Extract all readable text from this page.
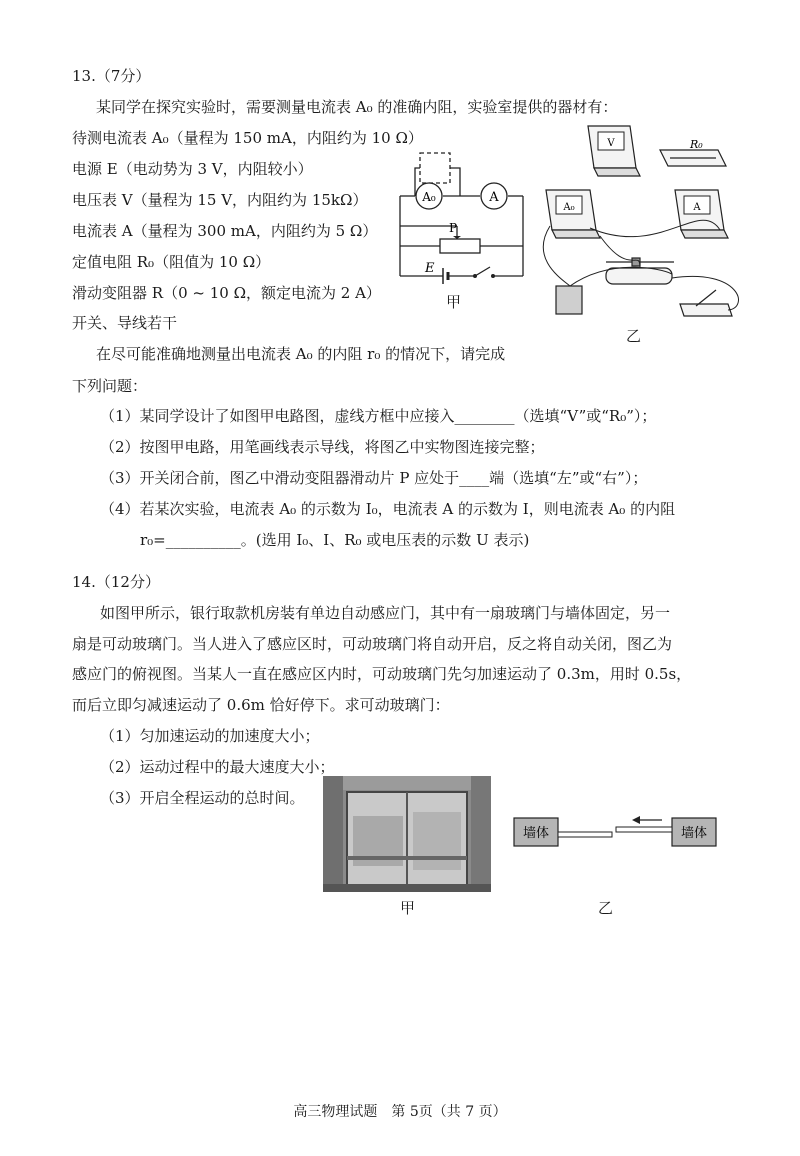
13.（7分）
某同学在探究实验时，需要测量电流表 A₀ 的准确内阻，实验室提供的器材有：
待测电流表 A₀（量程为 150 mA，内阻约为 10 Ω）
电源 E（电动势为 3 V，内阻较小）
电压表 V（量程为 15 V，内阻约为 15kΩ）
电流表 A（量程为 300 mA，内阻约为 5 Ω）
定值电阻 R₀（阻值为 10 Ω）
滑动变阻器 R（0 ~ 10 Ω，额定电流为 2 A）
开关、导线若干
A₀	A
P
E
甲
V	R₀
A₀	A
乙
在尽可能准确地测量出电流表 A₀ 的内阻 r₀ 的情况下，请完成
下列问题：
（1）某同学设计了如图甲电路图，虚线方框中应接入________（选填“V”或“R₀”）；
（2）按图甲电路，用笔画线表示导线，将图乙中实物图连接完整；
（3）开关闭合前，图乙中滑动变阻器滑动片 P 应处于____端（选填“左”或“右”）；
（4）若某次实验，电流表 A₀ 的示数为 I₀，电流表 A 的示数为 I，则电流表 A₀ 的内阻
r₀=__________。(选用 I₀、I、R₀ 或电压表的示数 U 表示)
14.（12分）
如图甲所示，银行取款机房装有单边自动感应门，其中有一扇玻璃门与墙体固定，另一
扇是可动玻璃门。当人进入了感应区时，可动玻璃门将自动开启，反之将自动关闭，图乙为
感应门的俯视图。当某人一直在感应区内时，可动玻璃门先匀加速运动了 0.3m，用时 0.5s，
而后立即匀减速运动了 0.6m 恰好停下。求可动玻璃门：
（1）匀加速运动的加速度大小；
（2）运动过程中的最大速度大小；
（3）开启全程运动的总时间。
甲
墙体	墙体
乙
高三物理试题　第 5页（共 7 页）
